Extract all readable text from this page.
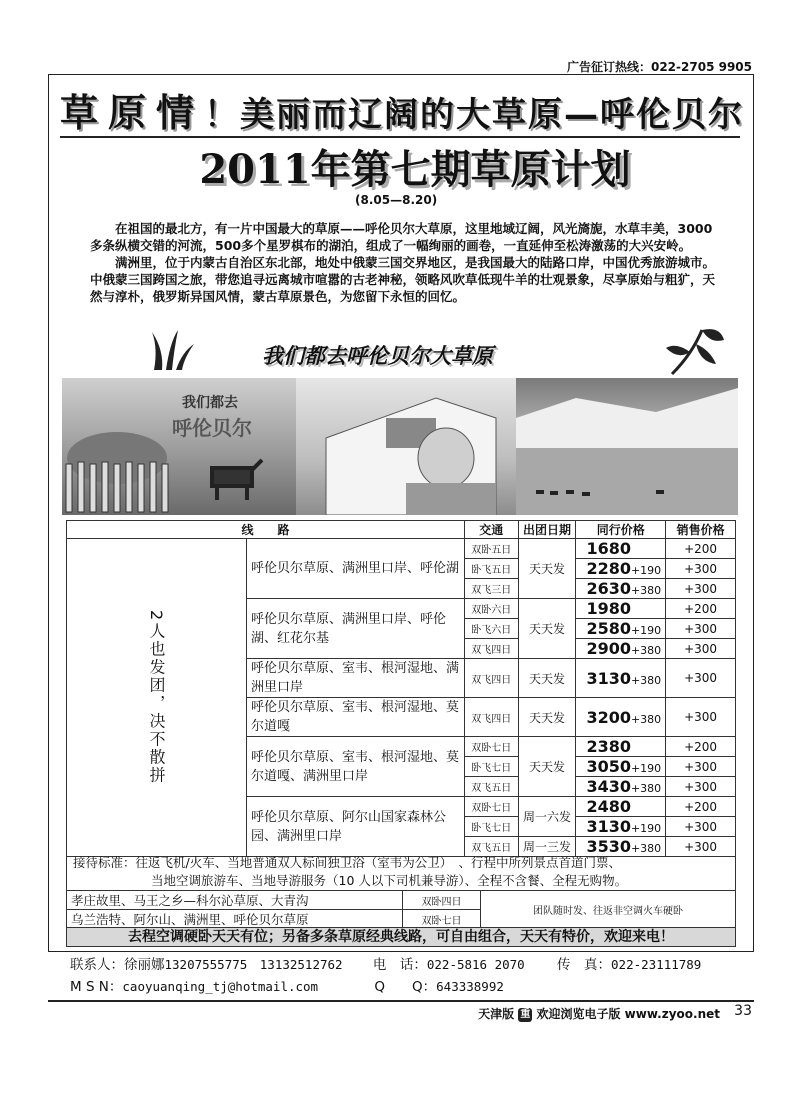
广告征订热线：022-2705 9905
草原情！美丽而辽阔的大草原—呼伦贝尔
2011年第七期草原计划
(8.05—8.20)

在祖国的最北方，有一片中国最大的草原——呼伦贝尔大草原，这里地域辽阔，风光旖旎，水草丰美，3000多条纵横交错的河流，500多个星罗棋布的湖泊，组成了一幅绚丽的画卷，一直延伸至松涛激荡的大兴安岭。

满洲里，位于内蒙古自治区东北部，地处中俄蒙三国交界地区，是我国最大的陆路口岸，中国优秀旅游城市。中俄蒙三国跨国之旅，带您追寻远离城市喧嚣的古老神秘，领略风吹草低现牛羊的壮观景象，尽享原始与粗犷，天然与淳朴，俄罗斯异国风情，蒙古草原景色，为您留下永恒的回忆。

我们都去呼伦贝尔大草原
我们都去
呼伦贝尔
线　　路		交通	出团日期	同行价格	销售价格
2人也发团，决不散拼	呼伦贝尔草原、满洲里口岸、呼伦湖	双卧五日	天天发	1680	+200
		卧飞五日		2280+190	+300
		双飞三日		2630+380	+300
	呼伦贝尔草原、满洲里口岸、呼伦湖、红花尔基	双卧六日	天天发	1980	+200
		卧飞六日		2580+190	+300
		双飞四日		2900+380	+300
	呼伦贝尔草原、室韦、根河湿地、满洲里口岸	双飞四日	天天发	3130+380	+300
	呼伦贝尔草原、室韦、根河湿地、莫尔道嘎	双飞四日	天天发	3200+380	+300
	呼伦贝尔草原、室韦、根河湿地、莫尔道嘎、满洲里口岸	双卧七日	天天发	2380	+200
		卧飞七日		3050+190	+300
		双飞五日		3430+380	+300
	呼伦贝尔草原、阿尔山国家森林公园、满洲里口岸	双卧七日	周一六发	2480	+200
		卧飞七日		3130+190	+300
		双飞五日	周一三发	3530+380	+300
接待标准：往返飞机/火车、当地普通双人标间独卫浴（室韦为公卫）　、行程中所列景点首道门票、
当地空调旅游车、当地导游服务（10 人以下司机兼导游）、全程不含餐、全程无购物。
孝庄故里、马王之乡—科尔沁草原、大青沟	双卧四日	团队随时发、往返非空调火车硬卧
乌兰浩特、阿尔山、满洲里、呼伦贝尔草原	双卧七日	
去程空调硬卧天天有位；另备多条草原经典线路，可自由组合，天天有特价，欢迎来电！
联系人：徐丽娜13207555775　13132512762 电　话：022-5816 2070 传　真：022-23111789
M S N：caoyuanqing_tj@hotmail.com	Q　　Q：643338992
天津版 重 欢迎浏览电子版 www.zyoo.net 33
